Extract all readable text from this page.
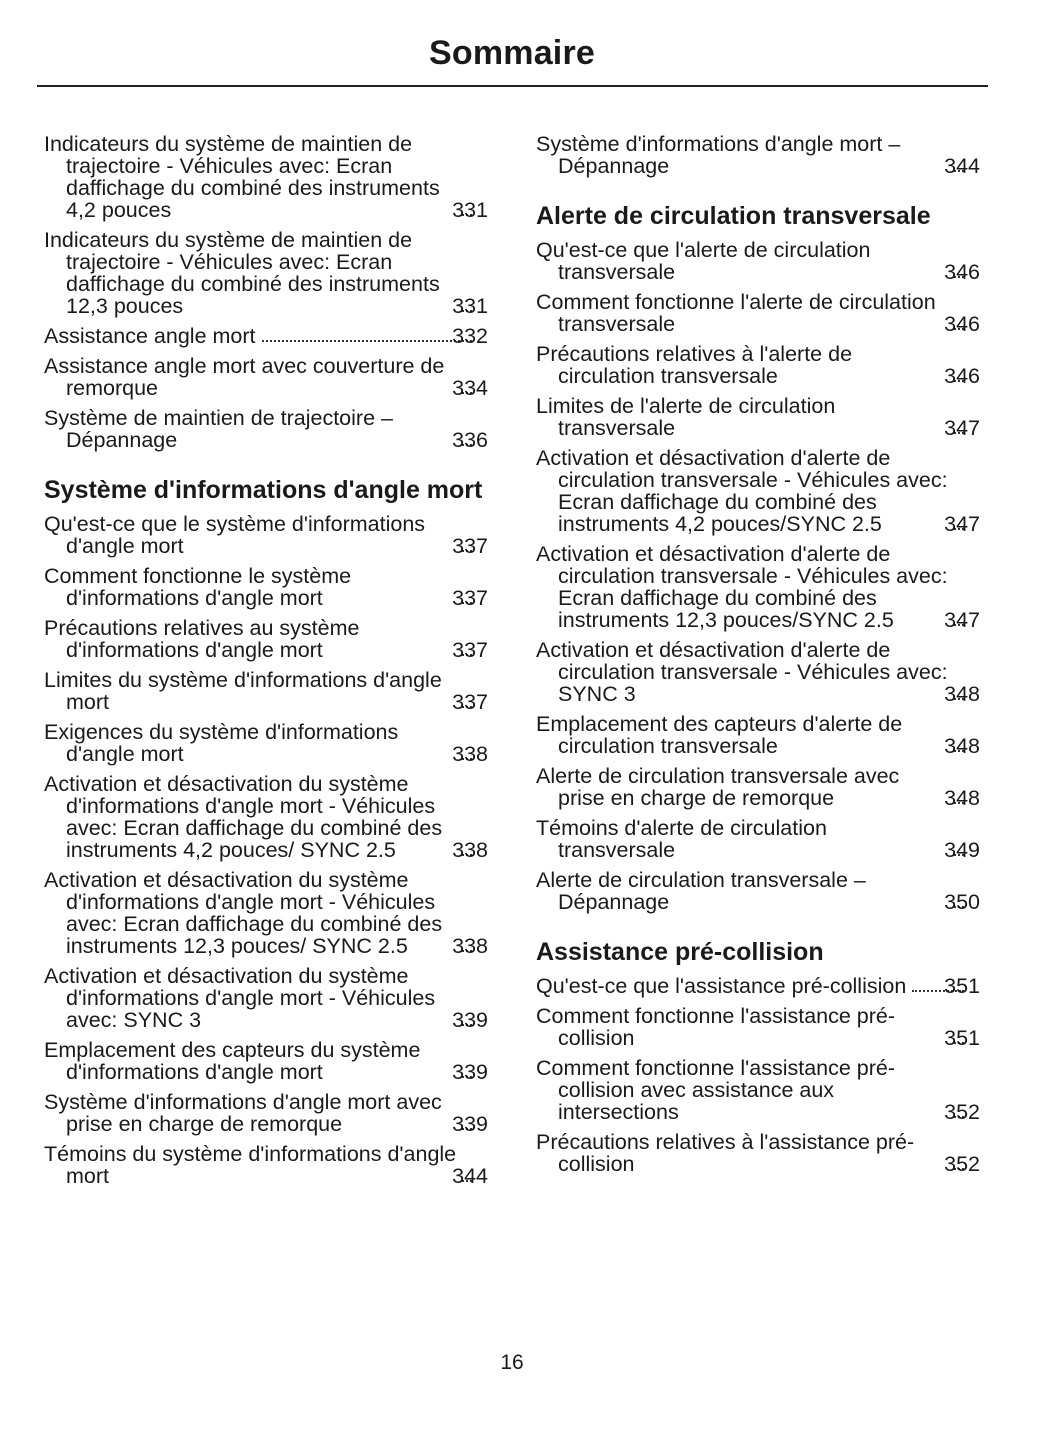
Sommaire
Indicateurs du système de maintien de trajectoire - Véhicules avec: Ecran daffichage du combiné des instruments 4,2 pouces	331
Indicateurs du système de maintien de trajectoire - Véhicules avec: Ecran daffichage du combiné des instruments 12,3 pouces	331
Assistance angle mort	332
Assistance angle mort avec couverture de remorque	334
Système de maintien de trajectoire – Dépannage	336
Système d'informations d'angle mort
Qu'est-ce que le système d'informations d'angle mort	337
Comment fonctionne le système d'informations d'angle mort	337
Précautions relatives au système d'informations d'angle mort	337
Limites du système d'informations d'angle mort	337
Exigences du système d'informations d'angle mort	338
Activation et désactivation du système d'informations d'angle mort - Véhicules avec: Ecran daffichage du combiné des instruments 4,2 pouces/ SYNC 2.5	338
Activation et désactivation du système d'informations d'angle mort - Véhicules avec: Ecran daffichage du combiné des instruments 12,3 pouces/ SYNC 2.5	338
Activation et désactivation du système d'informations d'angle mort - Véhicules avec: SYNC 3	339
Emplacement des capteurs du système d'informations d'angle mort	339
Système d'informations d'angle mort avec prise en charge de remorque	339
Témoins du système d'informations d'angle mort	344
Système d'informations d'angle mort – Dépannage	344
Alerte de circulation transversale
Qu'est-ce que l'alerte de circulation transversale	346
Comment fonctionne l'alerte de circulation transversale	346
Précautions relatives à l'alerte de circulation transversale	346
Limites de l'alerte de circulation transversale	347
Activation et désactivation d'alerte de circulation transversale - Véhicules avec: Ecran daffichage du combiné des instruments 4,2 pouces/SYNC 2.5	347
Activation et désactivation d'alerte de circulation transversale - Véhicules avec: Ecran daffichage du combiné des instruments 12,3 pouces/SYNC 2.5	347
Activation et désactivation d'alerte de circulation transversale - Véhicules avec: SYNC 3	348
Emplacement des capteurs d'alerte de circulation transversale	348
Alerte de circulation transversale avec prise en charge de remorque	348
Témoins d'alerte de circulation transversale	349
Alerte de circulation transversale – Dépannage	350
Assistance pré-collision
Qu'est-ce que l'assistance pré-collision 351
Comment fonctionne l'assistance pré-collision	351
Comment fonctionne l'assistance pré-collision avec assistance aux intersections	352
Précautions relatives à l'assistance pré-collision	352
16
